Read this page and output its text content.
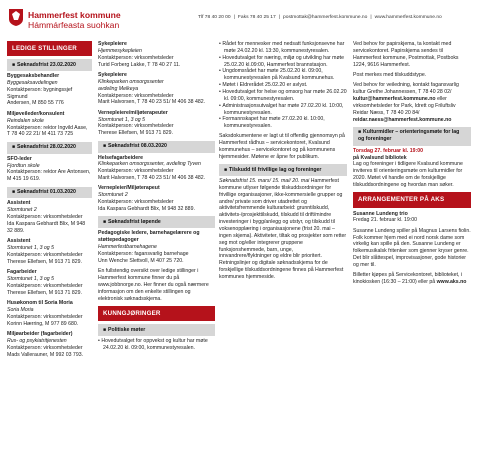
Hammerfest kommune
Hámmárfeasta suohkan
Tlf 78 40 20 00 | Faks 78 40 25 17 | postmottak@hammerfest.kommune.no | www.hammerfest.kommune.no
LEDIGE STILLINGER
■ Søknadsfrist 23.02.2020

Byggesaksbehandler
Byggesaksavdelingen
Kontaktperson: bygningssjef Sigmund
Andersen, M 850 55 776

Miljøveileder/konsulent
Reindalen skole
Kontaktperson: rektor Ingvild Aase,
T 78 40 22 21/ M 411 73 725

■ Søknadsfrist 28.02.2020

SFO-leder
Fjordtun skole
Kontaktperson: rektor Are Antonsen,
M 415 19 619.

■ Søknadsfrist 01.03.2020

Assistent
Stormtunet 2
Kontaktperson: virksomhetsleder
Ida Kaspara Gebhardt Blix, M 948 32 889.

Assistent
Stormtunet 1, 3 og 5
Kontaktperson: virksomhetsleder
Therese Ellefsen, M 913 71 829.

Fagarbeider
Stormtunet 1, 3 og 5
Kontaktperson: virksomhetsleder
Therese Ellefsen, M 913 71 829.

Husøkonom til Soria Moria
Soria Moria
Kontaktperson: virksomhetsleder
Korinn Hærring, M 977 89 680.

Miljøarbeider (fagarbeider)
Rus- og psykiatritjenesten
Kontaktperson: virksomhetsleder
Mads Vallerauner, M 992 03 793.

Sykepleiere
Hjemmesykepleien
Kontaktperson: virksomhetsleder
Turid Forberg Lakke, T 78 40 27 11.

Sykepleiere
Klinkeparken omsorgssenter
avdeling Melkeya
Kontaktperson: virksomhetsleder
Marit Halvorsen, T 78 40 23 51/ M 406 38 482.

Vernepleiere/miljøterapeuter
Stormtunet 1, 3 og 5
Kontaktperson: virksomhetsleder
Therese Ellefsen, M 913 71 829.

■ Søknadsfrist 08.03.2020

Helsefagarbeidere
Klinkeparken omsorgssenter, avdeling Tyven
Kontaktperson: virksomhetsleder
Marit Halvorsen, T 78 40 23 51/ M 406 38 482.

Vernepleier/Miljøterapeut
Stormtunet 2
Kontaktperson: virksomhetsleder
Ida Kaspara Gebhardt Blix, M 948 32 889.

■ Søknadsfrist løpende

Pedagogiske ledere, barnehagelærere og støttepedagoger
Hammerfestbarnehagene
Kontaktperson: fagansvarlig barnehage
Unn Wenche Slettvoll, M 407 25 720.

En fullstendig oversikt over ledige stillinger i Hammerfest kommune finner du på www.jobbnorge.no. Her finner du også nærmere informasjon om den enkelte stillingen og elektronisk søknadsskjema.

KUNNGJØRINGER
■ Politiske møter
• Hovedutvalget for oppvekst og kultur har møte 24.02.20 kl. 09:00, kommunestyresalen.
• Rådet for mennesker med nedsatt funksjonsevne har møte 24.02.20 kl. 13:30, kommunestyresalen.
• Hovedutvalget for næring, miljø og utvikling har møte 25.02.20 kl.09:00, Hammerfest brannstasjon.
• Ungdomsrådet har møte 25.02.20 kl. 09:00, kommunestyresalen på Kvalsund kommunehus.
• Møtet i Eldrerådet 25.02.20 er avlyst.
• Hovedutvalget for helse og omsorg har møte 26.02.20 kl. 09:00, kommunestyresalen.
• Administrasjonsutvalget har møte 27.02.20 kl. 10:00, kommunestyresalen.
• Formannskapet har møte 27.02.20 kl. 10:00, kommunestyresalen.

Saksdokumentene er lagt ut til offentlig gjennomsyn på Hammerfest rådhus – servicekontoret, Kvalsund kommunehus – servicekontoret og på kommunens hjemmesider. Møtene er åpne for publikum.

■ Tilskudd til frivillige lag og foreninger

Søknadsfrist 15. mars/ 15. mai/ 20. mai Hammerfest kommune utlyser følgende tilskuddsordninger for frivillige organisasjoner, ikke-kommersielle grupper og andre/ private som driver utadrettet og aktivitetsfremmende kulturarbeid: grunntilskudd, aktivitets-/prosjekttilskudd, tilskudd til drift/mindre investeringer i bygg/anlegg og utstyr, og tilskudd til voksenopplæring i organisasjonene (frist 20. mai – ingen skjema). Aktiviteter, tiltak og prosjekter som retter seg mot og/eller integrerer gruppene funksjonshemmede, barn, unge, innvandrere/flyktninger og eldre blir prioritert. Retningslinjer og digitale søknadsskjema for de forskjellige tilskuddsordningene finnes på Hammerfest kommunes hjemmeside.

Ved behov for papirskjema, ta kontakt med servicekontoret. Papirskjema sendes til Hammerfest kommune, Postmottak, Postboks 1224, 9616 Hammerfest.

Post merkes med tilskuddstype.

Ved behov for veiledning, kontakt fagansvarlig kultur Grethe Johannessen, T 78 40 28 02/ kultur@hammerfest.kommune.no eller virksomhetsleder for Park, Idrett og Friluftsliv Reidar Næss, T 78 40 20 84/ reidar.naess@hammerfest.kommune.no

■ Kulturmidler – orienteringsmøte for lag og foreninger

Torsdag 27. februar kl. 19:00
på Kvalsund bibliotek
Lag og foreninger i tidligere Kvalsund kommune inviteres til orienteringsmøte om kulturmidler for 2020. Møtet vil handle om de forskjellige tilskuddsordningene og hvordan man søker.

ARRANGEMENTER PÅ AKS

Susanne Lundeng trio
Fredag 21. februar kl. 19:00

Susanne Lundeng spiller på Magnus Larsens fiolin. Folk kommer hjem med ei nord norsk dame som virkelig kan spille på den. Susanne Lundeng er folkemusikalsk fritenker som gjenner kryser genre. Det blir slåttespel, improvisasjoner, gode historier og mer til.

Billetter kjøpes på Servicekontoret, biblioteket, i kinokiosken (16:30 – 21:00) eller på www.aks.no
